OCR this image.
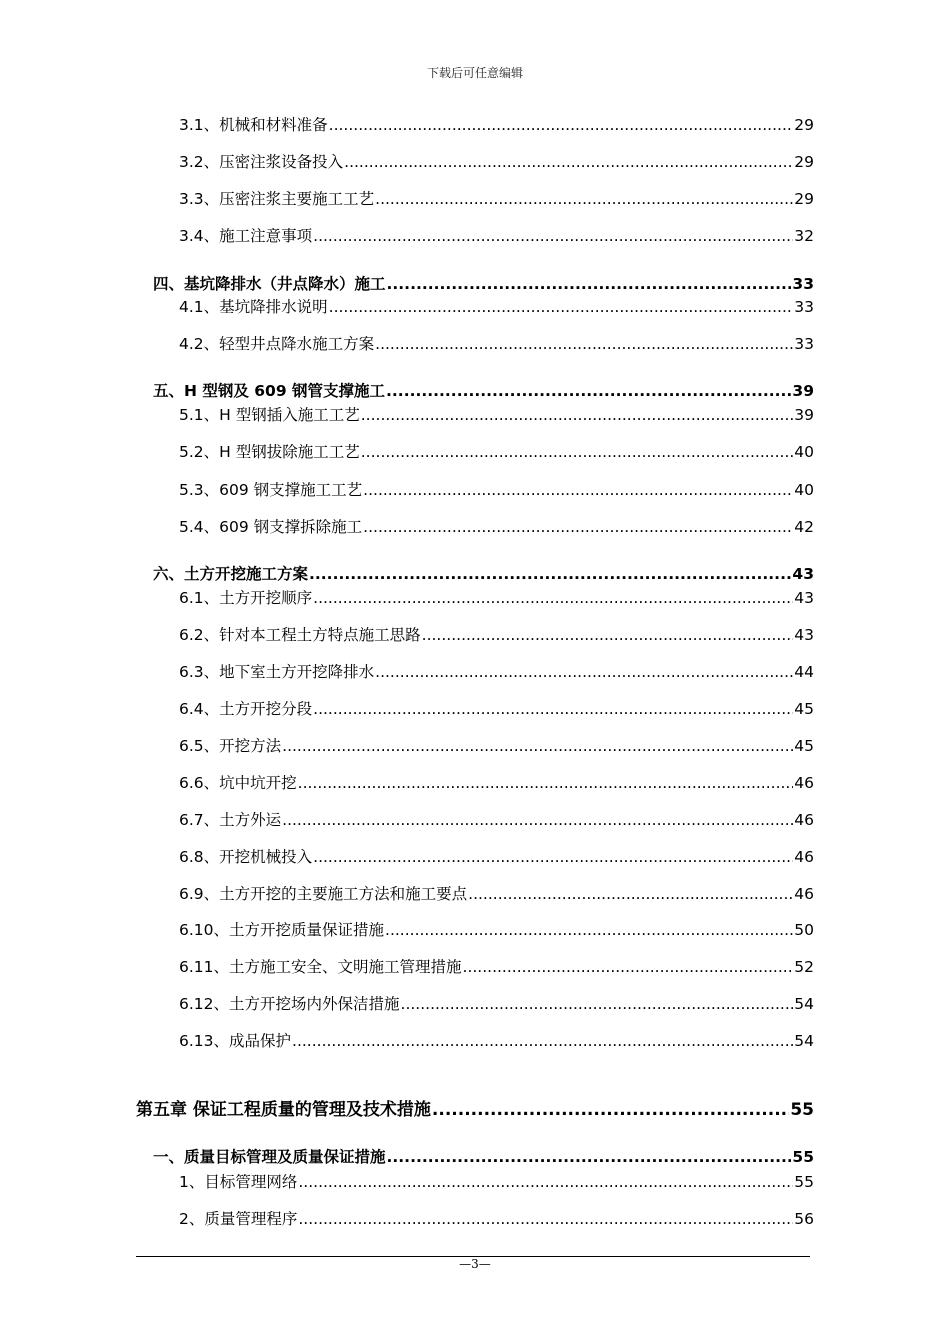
下载后可任意编辑
3.1、机械和材料准备 .....	29
3.2、压密注浆设备投入 .....	29
3.3、压密注浆主要施工工艺 .....	29
3.4、施工注意事项 .....	32
四、基坑降排水（井点降水）施工 .....	33
4.1、基坑降排水说明 .....	33
4.2、轻型井点降水施工方案 .....	33
五、H 型钢及 609 钢管支撑施工 .....	39
5.1、H 型钢插入施工工艺 .....	39
5.2、H 型钢拔除施工工艺 .....	40
5.3、609 钢支撑施工工艺 .....	40
5.4、609 钢支撑拆除施工 .....	42
六、土方开挖施工方案 .....	43
6.1、土方开挖顺序 .....	43
6.2、针对本工程土方特点施工思路 .....	43
6.3、地下室土方开挖降排水 .....	44
6.4、土方开挖分段 .....	45
6.5、开挖方法 .....	45
6.6、坑中坑开挖 .....	46
6.7、土方外运 .....	46
6.8、开挖机械投入 .....	46
6.9、土方开挖的主要施工方法和施工要点 .....	46
6.10、土方开挖质量保证措施 .....	50
6.11、土方施工安全、文明施工管理措施 .....	52
6.12、土方开挖场内外保洁措施 .....	54
6.13、成品保护 .....	54
第五章 保证工程质量的管理及技术措施 .....	55
一、质量目标管理及质量保证措施 .....	55
1、目标管理网络 .....	55
2、质量管理程序 .....	56
—3—
